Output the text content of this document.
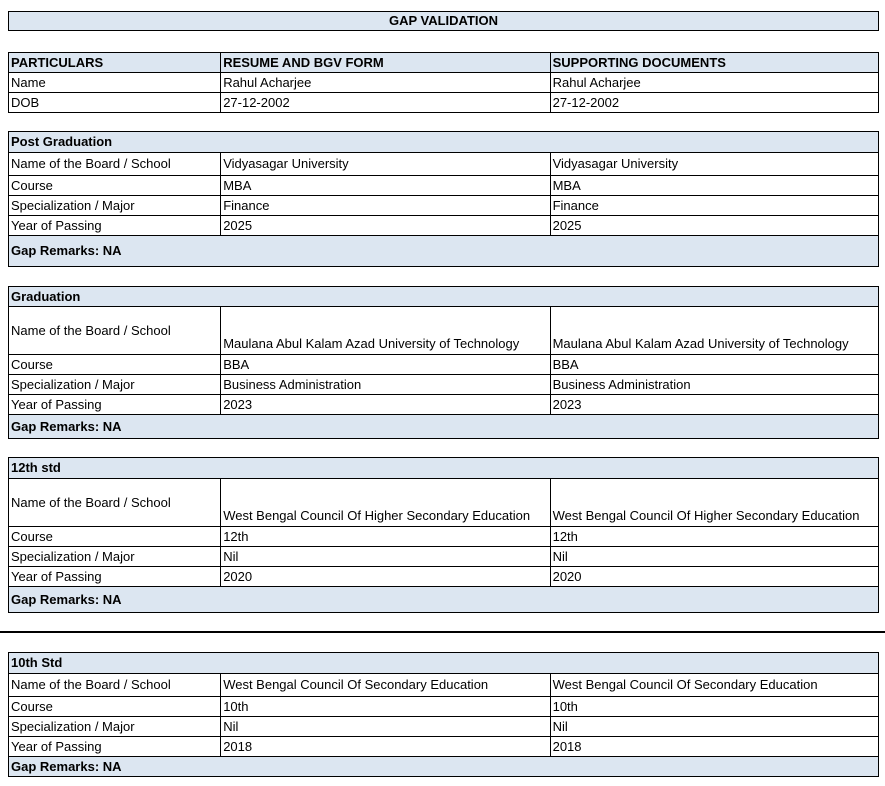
GAP VALIDATION
PARTICULARS	RESUME AND BGV FORM	SUPPORTING DOCUMENTS
Name	Rahul Acharjee	Rahul Acharjee
DOB	27-12-2002	27-12-2002
Post Graduation		
Name of the Board / School	Vidyasagar University	Vidyasagar University
Course	MBA	MBA
Specialization / Major	Finance	Finance
Year of Passing	2025	2025
Gap Remarks: NA		
Graduation		
Name of the Board / School	Maulana Abul Kalam Azad University of Technology	Maulana Abul Kalam Azad University of Technology
Course	BBA	BBA
Specialization / Major	Business Administration	Business Administration
Year of Passing	2023	2023
Gap Remarks: NA		
12th std		
Name of the Board / School	West Bengal Council Of Higher Secondary Education	West Bengal Council Of Higher Secondary Education
Course	12th	12th
Specialization / Major	Nil	Nil
Year of Passing	2020	2020
Gap Remarks: NA		
10th Std		
Name of the Board / School	West Bengal Council Of Secondary Education	West Bengal Council Of Secondary Education
Course	10th	10th
Specialization / Major	Nil	Nil
Year of Passing	2018	2018
Gap Remarks: NA		
